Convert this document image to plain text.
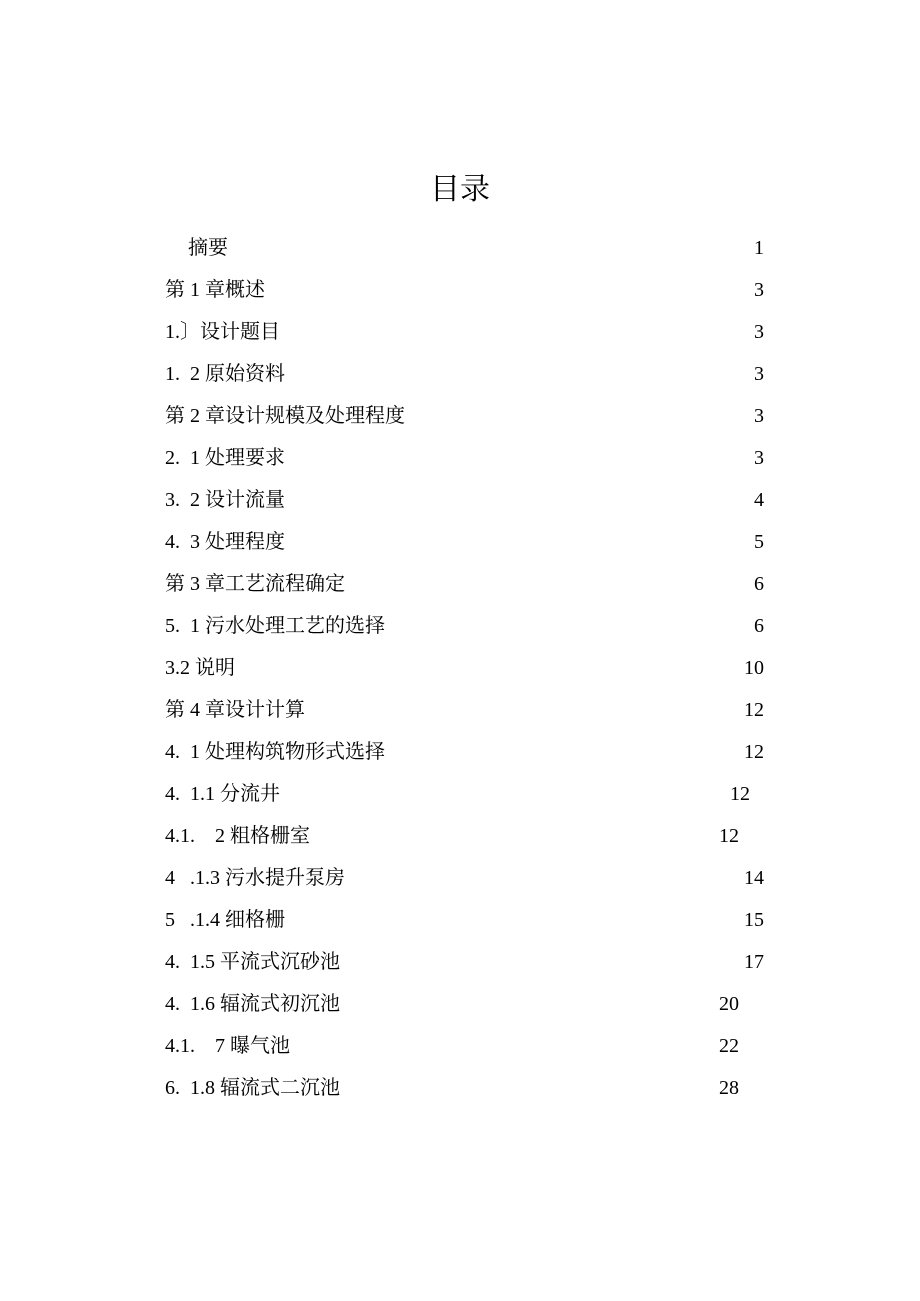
目录
摘要	1
第 1 章概述	3
1.〕设计题目	3
1.  2 原始资料	3
第 2 章设计规模及处理程度	3
2.  1 处理要求	3
3.  2 设计流量	4
4.  3 处理程度	5
第 3 章工艺流程确定	6
5.  1 污水处理工艺的选择	6
3.2 说明	10
第 4 章设计计算	12
4.  1 处理构筑物形式选择	12
4.  1.1 分流井	12
4.1.    2 粗格栅室	12
4   .1.3 污水提升泵房	14
5   .1.4 细格栅	15
4.  1.5 平流式沉砂池	17
4.  1.6 辐流式初沉池	20
4.1.    7 曝气池	22
6.  1.8 辐流式二沉池	28
